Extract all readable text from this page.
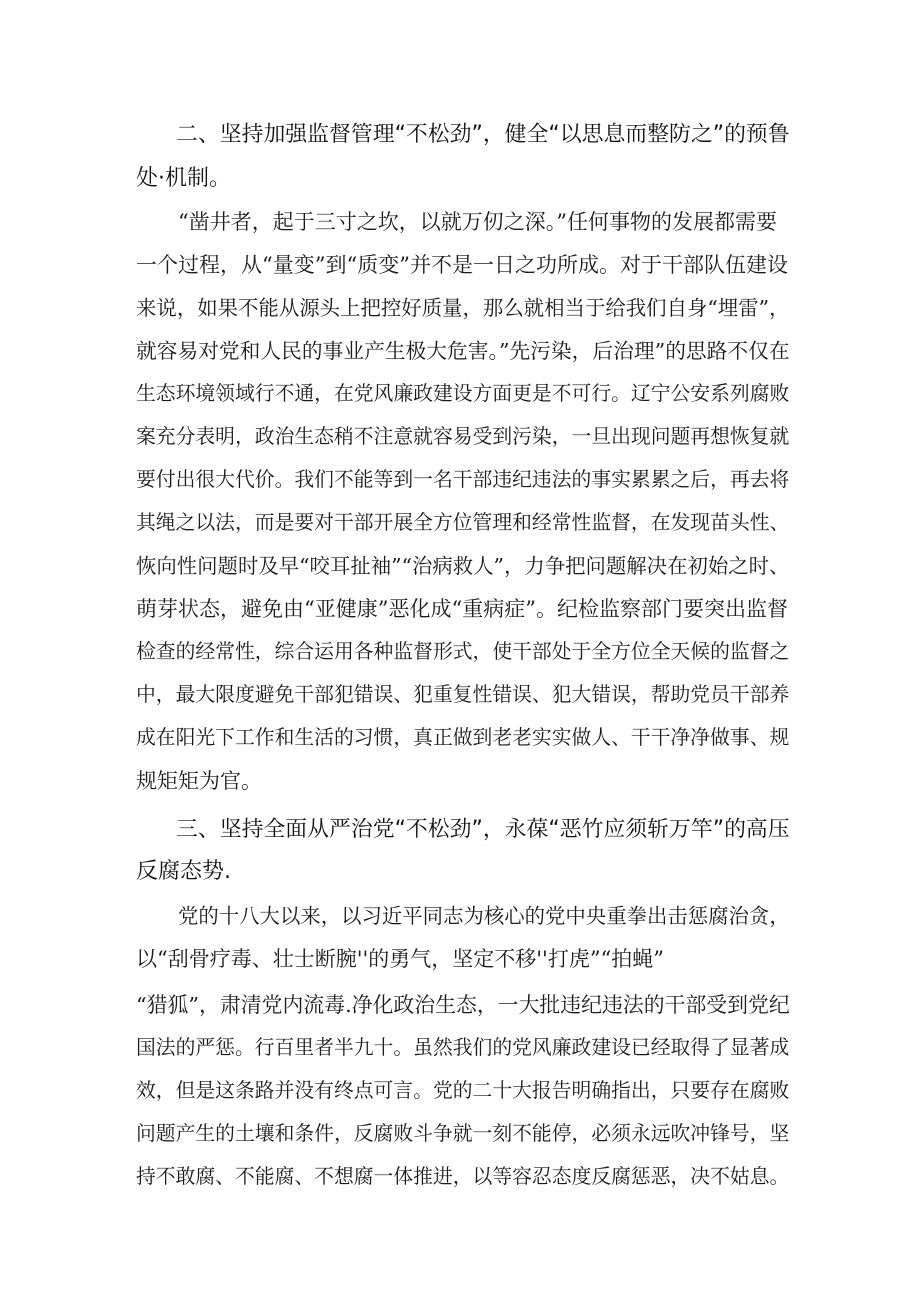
二、坚持加强监督管理“不松劲”，健全“以思息而整防之”的预鲁
处·机制。
“凿井者，起于三寸之坎，以就万仞之深。”任何事物的发展都需要
一个过程，从“量变”到“质变”并不是一日之功所成。对于干部队伍建设
来说，如果不能从源头上把控好质量，那么就相当于给我们自身“埋雷”，
就容易对党和人民的事业产生极大危害。”先污染，后治理”的思路不仅在
生态环境领域行不通，在党风廉政建设方面更是不可行。辽宁公安系列腐败
案充分表明，政治生态稍不注意就容易受到污染，一旦出现问题再想恢复就
要付出很大代价。我们不能等到一名干部违纪违法的事实累累之后，再去将
其绳之以法，而是要对干部开展全方位管理和经常性监督，在发现苗头性、
恢向性问题时及早“咬耳扯袖”“治病救人”，力争把问题解决在初始之时、
萌芽状态，避免由“亚健康”恶化成“重病症”。纪检监察部门要突出监督
检查的经常性，综合运用各种监督形式，使干部处于全方位全天候的监督之
中，最大限度避免干部犯错误、犯重复性错误、犯大错误，帮助党员干部养
成在阳光下工作和生活的习惯，真正做到老老实实做人、干干净净做事、规
规矩矩为官。
三、坚持全面从严治党“不松劲”，永葆“恶竹应须斩万竿”的高压
反腐态势.
党的十八大以来，以习近平同志为核心的党中央重拳出击惩腐治贪，
以“刮骨疗毒、壮士断腕''的勇气，坚定不移''打虎”“拍蝇”
“猎狐”，肃清党内流毒.净化政治生态，一大批违纪违法的干部受到党纪
国法的严惩。行百里者半九十。虽然我们的党风廉政建设已经取得了显著成
效，但是这条路并没有终点可言。党的二十大报告明确指出，只要存在腐败
问题产生的土壤和条件，反腐败斗争就一刻不能停，必须永远吹冲锋号，坚
持不敢腐、不能腐、不想腐一体推进，以等容忍态度反腐惩恶，决不姑息。
